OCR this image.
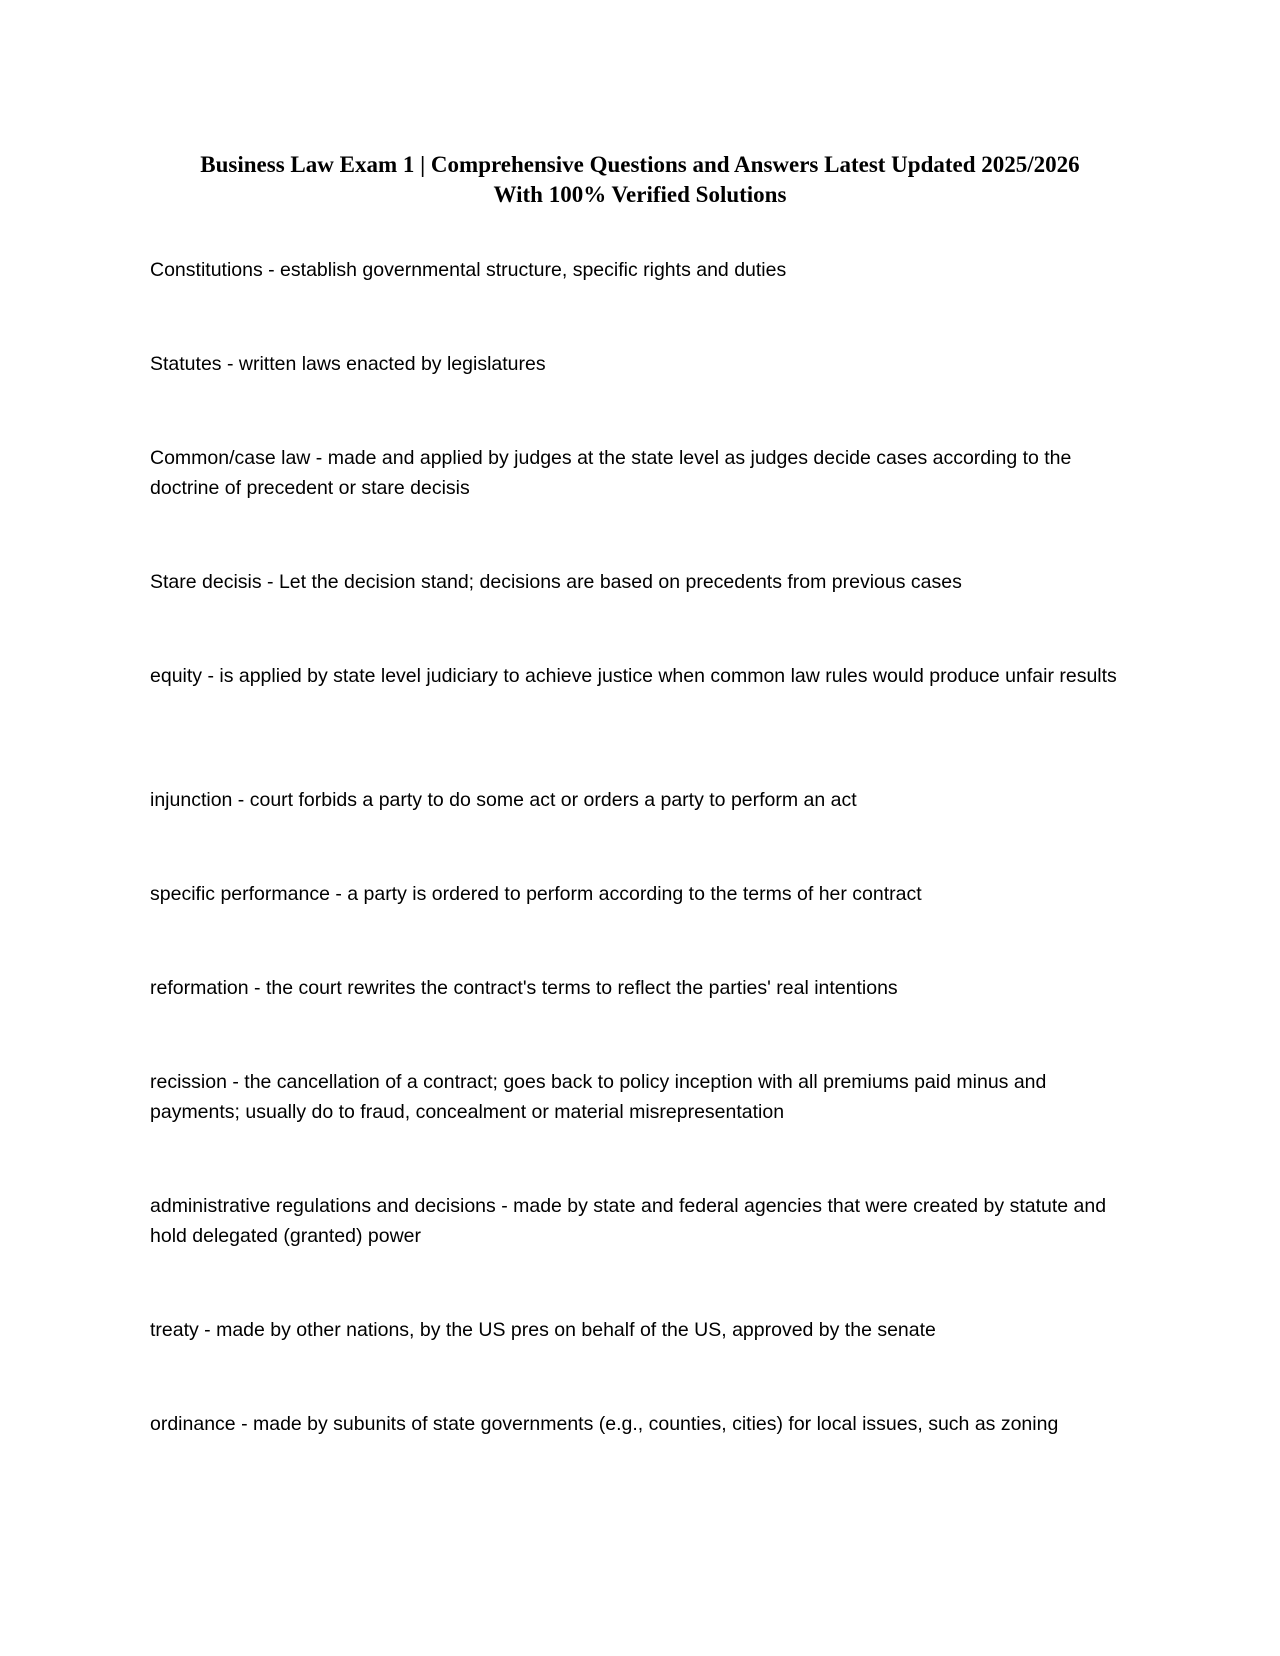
Business Law Exam 1 | Comprehensive Questions and Answers Latest Updated 2025/2026
With 100% Verified Solutions

Constitutions - establish governmental structure, specific rights and duties

Statutes - written laws enacted by legislatures

Common/case law - made and applied by judges at the state level as judges decide cases according to the doctrine of precedent or stare decisis

Stare decisis - Let the decision stand; decisions are based on precedents from previous cases

equity - is applied by state level judiciary to achieve justice when common law rules would produce unfair results

injunction - court forbids a party to do some act or orders a party to perform an act

specific performance - a party is ordered to perform according to the terms of her contract

reformation - the court rewrites the contract's terms to reflect the parties' real intentions

recission - the cancellation of a contract; goes back to policy inception with all premiums paid minus and payments; usually do to fraud, concealment or material misrepresentation

administrative regulations and decisions - made by state and federal agencies that were created by statute and hold delegated (granted) power

treaty - made by other nations, by the US pres on behalf of the US, approved by the senate

ordinance - made by subunits of state governments (e.g., counties, cities) for local issues, such as zoning
